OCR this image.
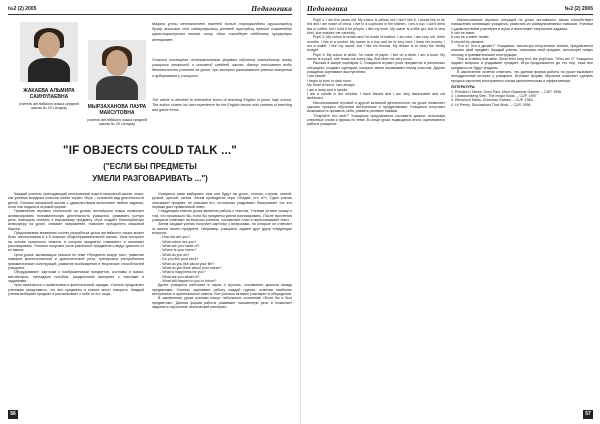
№2 (2) 2005	Педагогика
ЖАКАЕВА АЛЬМИРА САИНУЛАЕВНА
учитель английского языка средней школы № 29 г.Атырау	МЫРЗАХАНОВА ЛАУРА МАКСУТОВНА
учитель английского языка средней школы № 29 г.Атырау
Мақала ұлты менталитеті еркелей сынып торларындағы оқушылардың бұлар ағылшын тілі сабақтарының ролевой оқытудың ерекше тәрмендері қарастырылуынан негізге шолу, ойын тәсілдерін пайдалану нұсқаулары келтірілген.
Статья посвящена интерактивным формам обучения английскому языку учащихся начальной и основной средней школы. Автор описывает виды деятельности учителя на уроке, при которых развиваются умения говорения и аудирования у учащихся.
The article is devoted to interactive forms of teaching English in junior high school. The author shares his own experience for the English lesson with variants of teaching and game forms.
"IF OBJECTS COULD TALK ..."
("ЕСЛИ БЫ ПРЕДМЕТЫ
УМЕЛИ РАЗГОВАРИВАТЬ ...")

Каждый учитель, преподающий иностранный язык в начальной школе, знает, как ученики младших классов любят играть. Игра – основной вид деятельности детей. Ученики начальной школы с удовольствием выполняют любые задания, если они поданы в игровой форме.

Применение игровых технологий на уроках английского языка позволяет активизировать познавательную деятельность учащихся, развивать устную речь, повышать интерес к изучаемому предмету. Игра создаёт благоприятную атмосферу на уроке, снимает напряжение, помогает преодолеть языковой барьер.

Предлагаемая вниманию коллег разработка урока английского языка может быть использована в 4-5 классах общеобразовательной школы. Урок построен на основе сказочного сюжета, в котором предметы «оживают» и начинают разговаривать. Ученики получают роли различных предметов и ведут диалоги от их имени.

Цели урока: активизация лексики по теме «Предметы вокруг нас», развитие навыков монологической и диалогической речи, тренировка употребления грамматических конструкций, развитие воображения и творческих способностей учащихся.

Оборудование: карточки с изображениями предметов, костюмы и маски, магнитофон, наглядные пособия, раздаточный материал с текстами и заданиями.

Урок начинается с приветствия и фонетической зарядки. Учитель предлагает ученикам представить, что все предметы в классе могут говорить. Каждый ученик выбирает предмет и рассказывает о себе от его лица.

Учащиеся сами выбирают, кем они будут на уроке: столом, стулом, книгой, ручкой, доской, окном. Затем проводится игра «Угадай, кто я?». Один ученик описывает предмет, не называя его, остальные угадывают. Выигрывает тот, кто первым даст правильный ответ.

Следующим этапом урока является работа с текстом. Ученики читают сказку о том, что произошло бы, если бы предметы умели разговаривать. После прочтения учащиеся отвечают на вопросы учителя, составляют план и пересказывают текст.

Затем каждый ученик получает карточку с вопросами, на которые он отвечает от имени своего предмета. Например, учащиеся задают друг другу следующие вопросы:

- How old are you?
- What colour are you?
- What are you made of?
- Where is your home?
- What do you do?
- Do you like your work?
- What do you like about your life?
- What do you think about your owner?
- What is happiness for you?
- What are you afraid of?
- What will happen to you in future?

Далее учащиеся работают в парах и группах, составляют диалоги между предметами. Учитель оценивает работу каждой группы, отмечая наиболее интересные и оригинальные ответы. Все ученики активно участвуют в обсуждении.

В заключение урока ученики пишут небольшое сочинение «Если бы я был предметом». Данная форма работы развивает письменную речь и позволяет закрепить изученный лексический материал.

56
Педагогика	№2 (2) 2005

Pupil 1: I am five years old. My colour is yellow, but I don't like it. I would like to be red and I am made of china. I live in a cupboard in the kitchen. I am a cup. I don't drink tea or coffee, but I hold it for people. I like my work. My owner is a little girl, she is very kind, she washes me carefully.

Pupil 2: My colour is brown and I'm made of leather. I am new. I am very old, three months. I live in a pocket. My owner is a boy and he is very kind. I keep his money. I am a wallet. I like my owner, but I like his friends. My dream is to keep the family budget.

Pupil 3: My colour is white. I'm made of paper. I live on a desk. I am a book. My owner is a pupil, she reads me every day. She likes me very much.

Рассказ в жанре сценария 3. Учащиеся играют роли предметов в различных ситуациях, создают сценарии, которые затем показывают перед классом. Другие учащиеся оценивают выступления.

I am candle.

I begin to burn in dark room.

My head is burnt, I am always.

I am a lamp and a candle.

I am a candle in the window. I have flames and I am very fashionable and old fashioned.

Использование игровой и другой активной деятельности на уроке позволяет сделать процесс обучения интересным и продуктивным. Учащиеся получают возможность проявить себя, развить речевые навыки.

"Откройте это мне?" Учащимся предлагается составить диалог, используя ключевые слова и фразы по теме. В конце урока подводятся итоги, оцениваются работы учащихся.

Использование игровых ситуаций на уроке английского языка способствует повышению мотивации учащихся, развитию их коммуникативных навыков. Ученики с удовольствием участвуют в играх и выполняют творческие задания.

It can be water.

It can be a water heater.

It should be pleased.

"Кто я? Что я делаю?" Учащимся, используя полученные знания, предлагается описать свой предмет. Каждый ученик, описывая свой предмет, использует новую лексику и грамматические конструкции.

This is a tables that table. Since their long text, the pupil ask, "Who am I?" Учащиеся задают вопросы и угадывают предмет. Игра продолжается до тех пор, пока все предметы не будут угаданы.

В заключение хочется отметить, что данная форма работы на уроке вызывает неподдельный интерес у учащихся. Игровые формы обучения помогают сделать процесс изучения иностранного языка увлекательным и эффективным.

ЛИТЕРАТУРА:

1. Rhodes Li Mews. Drew Paul. More Grammar Games. – CUP, 1996.

2. Lindstromberg Seth. The recipe Book. – CUP, 1997.

3. Rinvolucri Mario. Grammar Games. – CUP, 1984.

4. Ur Penny. Discussions That Work. – CUP, 1996.

57
